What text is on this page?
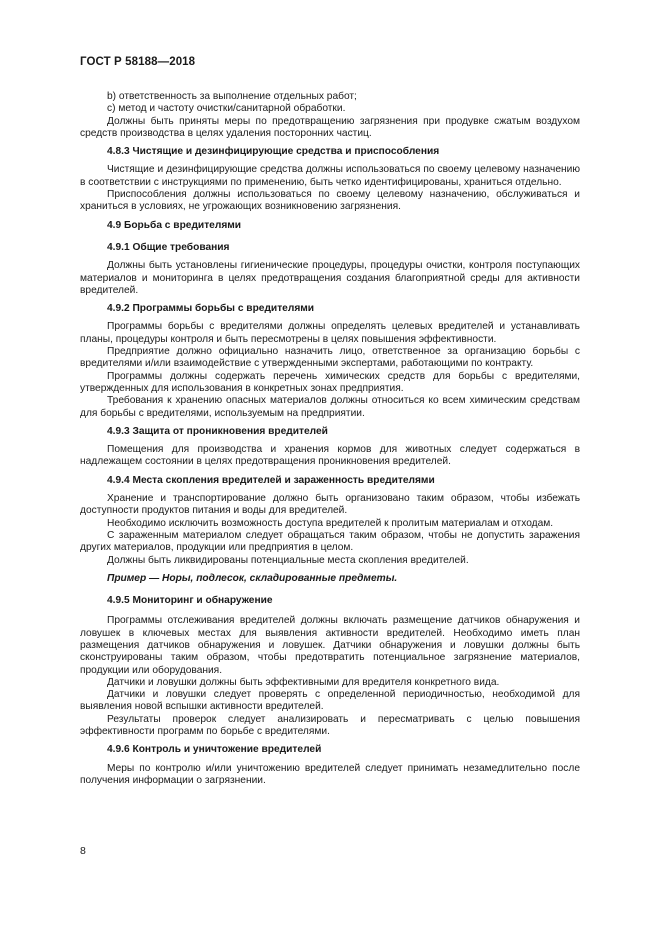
ГОСТ Р 58188—2018

b) ответственность за выполнение отдельных работ;

c) метод и частоту очистки/санитарной обработки.

Должны быть приняты меры по предотвращению загрязнения при продувке сжатым воздухом средств производства в целях удаления посторонних частиц.

4.8.3 Чистящие и дезинфицирующие средства и приспособления

Чистящие и дезинфицирующие средства должны использоваться по своему целевому назначению в соответствии с инструкциями по применению, быть четко идентифицированы, храниться отдельно.

Приспособления должны использоваться по своему целевому назначению, обслуживаться и храниться в условиях, не угрожающих возникновению загрязнения.

4.9 Борьба с вредителями
4.9.1 Общие требования

Должны быть установлены гигиенические процедуры, процедуры очистки, контроля поступающих материалов и мониторинга в целях предотвращения создания благоприятной среды для активности вредителей.

4.9.2 Программы борьбы с вредителями

Программы борьбы с вредителями должны определять целевых вредителей и устанавливать планы, процедуры контроля и быть пересмотрены в целях повышения эффективности.

Предприятие должно официально назначить лицо, ответственное за организацию борьбы с вредителями и/или взаимодействие с утвержденными экспертами, работающими по контракту.

Программы должны содержать перечень химических средств для борьбы с вредителями, утвержденных для использования в конкретных зонах предприятия.

Требования к хранению опасных материалов должны относиться ко всем химическим средствам для борьбы с вредителями, используемым на предприятии.

4.9.3 Защита от проникновения вредителей

Помещения для производства и хранения кормов для животных следует содержаться в надлежащем состоянии в целях предотвращения проникновения вредителей.

4.9.4 Места скопления вредителей и зараженность вредителями

Хранение и транспортирование должно быть организовано таким образом, чтобы избежать доступности продуктов питания и воды для вредителей.

Необходимо исключить возможность доступа вредителей к пролитым материалам и отходам.

С зараженным материалом следует обращаться таким образом, чтобы не допустить заражения других материалов, продукции или предприятия в целом.

Должны быть ликвидированы потенциальные места скопления вредителей.

Пример — Норы, подлесок, складированные предметы.

4.9.5 Мониторинг и обнаружение

Программы отслеживания вредителей должны включать размещение датчиков обнаружения и ловушек в ключевых местах для выявления активности вредителей. Необходимо иметь план размещения датчиков обнаружения и ловушек. Датчики обнаружения и ловушки должны быть сконструированы таким образом, чтобы предотвратить потенциальное загрязнение материалов, продукции или оборудования.

Датчики и ловушки должны быть эффективными для вредителя конкретного вида.

Датчики и ловушки следует проверять с определенной периодичностью, необходимой для выявления новой вспышки активности вредителей.

Результаты проверок следует анализировать и пересматривать с целью повышения эффективности программ по борьбе с вредителями.

4.9.6 Контроль и уничтожение вредителей

Меры по контролю и/или уничтожению вредителей следует принимать незамедлительно после получения информации о загрязнении.

8
